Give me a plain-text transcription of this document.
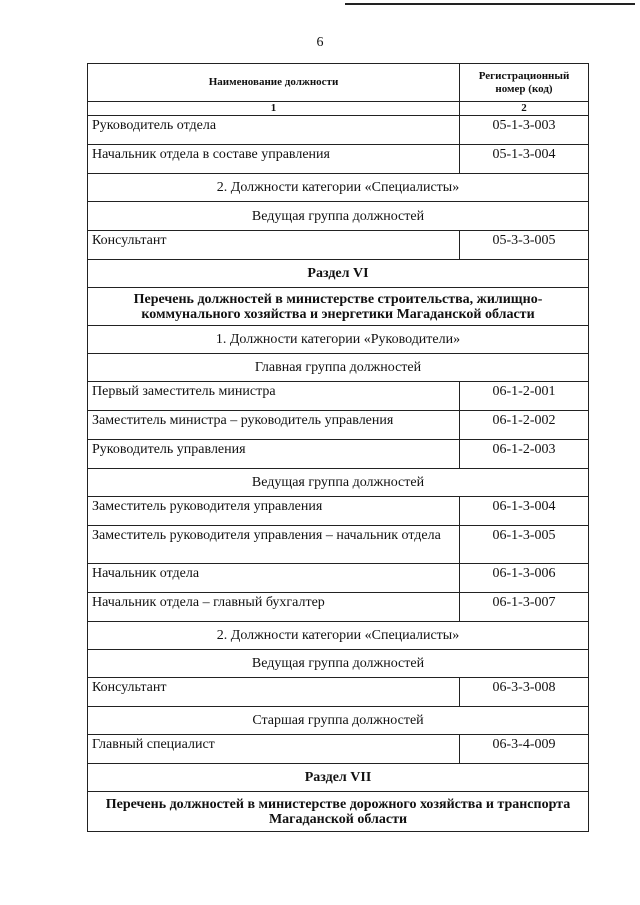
6
Наименование должности	Регистрационный номер (код)
1	2
Руководитель отдела	05-1-3-003
Начальник отдела в составе управления	05-1-3-004
2. Должности категории «Специалисты»	
Ведущая группа должностей	
Консультант	05-3-3-005
Раздел VI	
Перечень должностей в министерстве строительства, жилищно-коммунального хозяйства и энергетики Магаданской области	
1. Должности категории «Руководители»	
Главная группа должностей	
Первый заместитель министра	06-1-2-001
Заместитель министра – руководитель управления	06-1-2-002
Руководитель управления	06-1-2-003
Ведущая группа должностей	
Заместитель руководителя управления	06-1-3-004
Заместитель руководителя управления – начальник отдела	06-1-3-005
Начальник отдела	06-1-3-006
Начальник отдела – главный бухгалтер	06-1-3-007
2. Должности категории «Специалисты»	
Ведущая группа должностей	
Консультант	06-3-3-008
Старшая группа должностей	
Главный специалист	06-3-4-009
Раздел VII	
Перечень должностей в министерстве дорожного хозяйства и транспорта Магаданской области	
